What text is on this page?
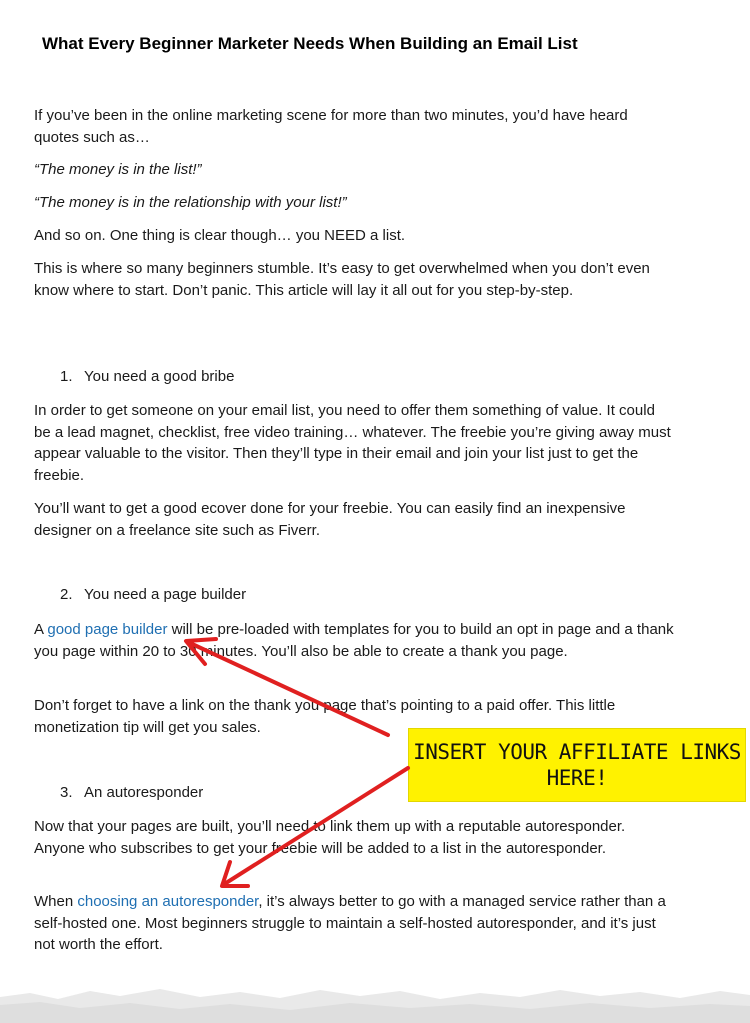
What Every Beginner Marketer Needs When Building an Email List

If you’ve been in the online marketing scene for more than two minutes, you’d have heard quotes such as…

“The money is in the list!”

“The money is in the relationship with your list!”

And so on. One thing is clear though… you NEED a list.

This is where so many beginners stumble. It’s easy to get overwhelmed when you don’t even know where to start. Don’t panic. This article will lay it all out for you step-by-step.

1. You need a good bribe

In order to get someone on your email list, you need to offer them something of value. It could be a lead magnet, checklist, free video training… whatever. The freebie you’re giving away must appear valuable to the visitor. Then they’ll type in their email and join your list just to get the freebie.

You’ll want to get a good ecover done for your freebie. You can easily find an inexpensive designer on a freelance site such as Fiverr.

2. You need a page builder

A good page builder will be pre-loaded with templates for you to build an opt in page and a thank you page within 20 to 30 minutes. You’ll also be able to create a thank you page.

Don’t forget to have a link on the thank you page that’s pointing to a paid offer. This little monetization tip will get you sales.

3. An autoresponder

Now that your pages are built, you’ll need to link them up with a reputable autoresponder. Anyone who subscribes to get your freebie will be added to a list in the autoresponder.

When choosing an autoresponder, it’s always better to go with a managed service rather than a self-hosted one. Most beginners struggle to maintain a self-hosted autoresponder, and it’s just not worth the effort.

INSERT YOUR AFFILIATE LINKS
HERE!
